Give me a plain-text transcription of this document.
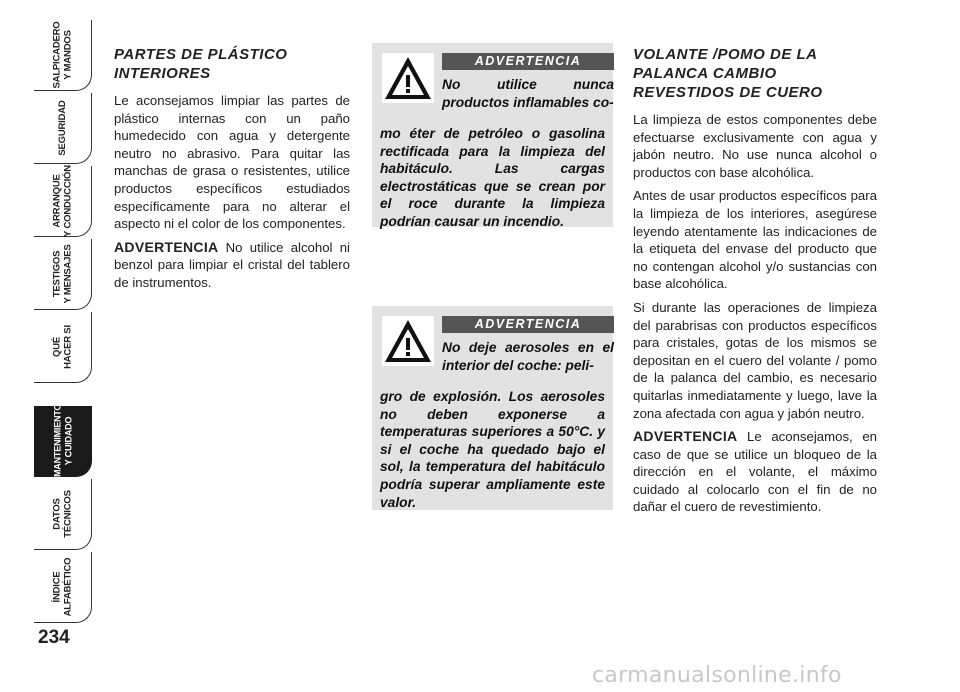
SALPICADERO
Y MANDOS
SEGURIDAD
ARRANQUE
Y CONDUCCIÓN
TESTIGOS
Y MENSAJES
QUÉ
HACER SI
MANTENIMIENTO
Y CUIDADO
DATOS
TÉCNICOS
ÍNDICE
ALFABÉTICO
234
PARTES DE PLÁSTICO INTERIORES

Le aconsejamos limpiar las partes de plástico internas con un paño humedecido con agua y detergente neutro no abrasivo. Para quitar las manchas de grasa o resistentes, utilice productos específicos estudiados específicamente para no alterar el aspecto ni el color de los componentes.

ADVERTENCIA No utilice alcohol ni benzol para limpiar el cristal del tablero de instrumentos.

ADVERTENCIA
No utilice nunca productos inflamables co-
mo éter de petróleo o gasolina rectificada para la limpieza del habitáculo. Las cargas electrostáticas que se crean por el roce durante la limpieza podrían causar un incendio.
ADVERTENCIA
No deje aerosoles en el interior del coche: peli-
gro de explosión. Los aerosoles no deben exponerse a temperaturas superiores a 50°C. y si el coche ha quedado bajo el sol, la temperatura del habitáculo podría superar ampliamente este valor.
VOLANTE /POMO DE LA PALANCA CAMBIO REVESTIDOS DE CUERO

La limpieza de estos componentes debe efectuarse exclusivamente con agua y jabón neutro. No use nunca alcohol o productos con base alcohólica.

Antes de usar productos específicos para la limpieza de los interiores, asegúrese leyendo atentamente las indicaciones de la etiqueta del envase del producto que no contengan alcohol y/o sustancias con base alcohólica.

Si durante las operaciones de limpieza del parabrisas con productos específicos para cristales, gotas de los mismos se depositan en el cuero del volante / pomo de la palanca del cambio, es necesario quitarlas inmediatamente y luego, lave la zona afectada con agua y jabón neutro.

ADVERTENCIA Le aconsejamos, en caso de que se utilice un bloqueo de la dirección en el volante, el máximo cuidado al colocarlo con el fin de no dañar el cuero de revestimiento.

carmanualsonline.info
